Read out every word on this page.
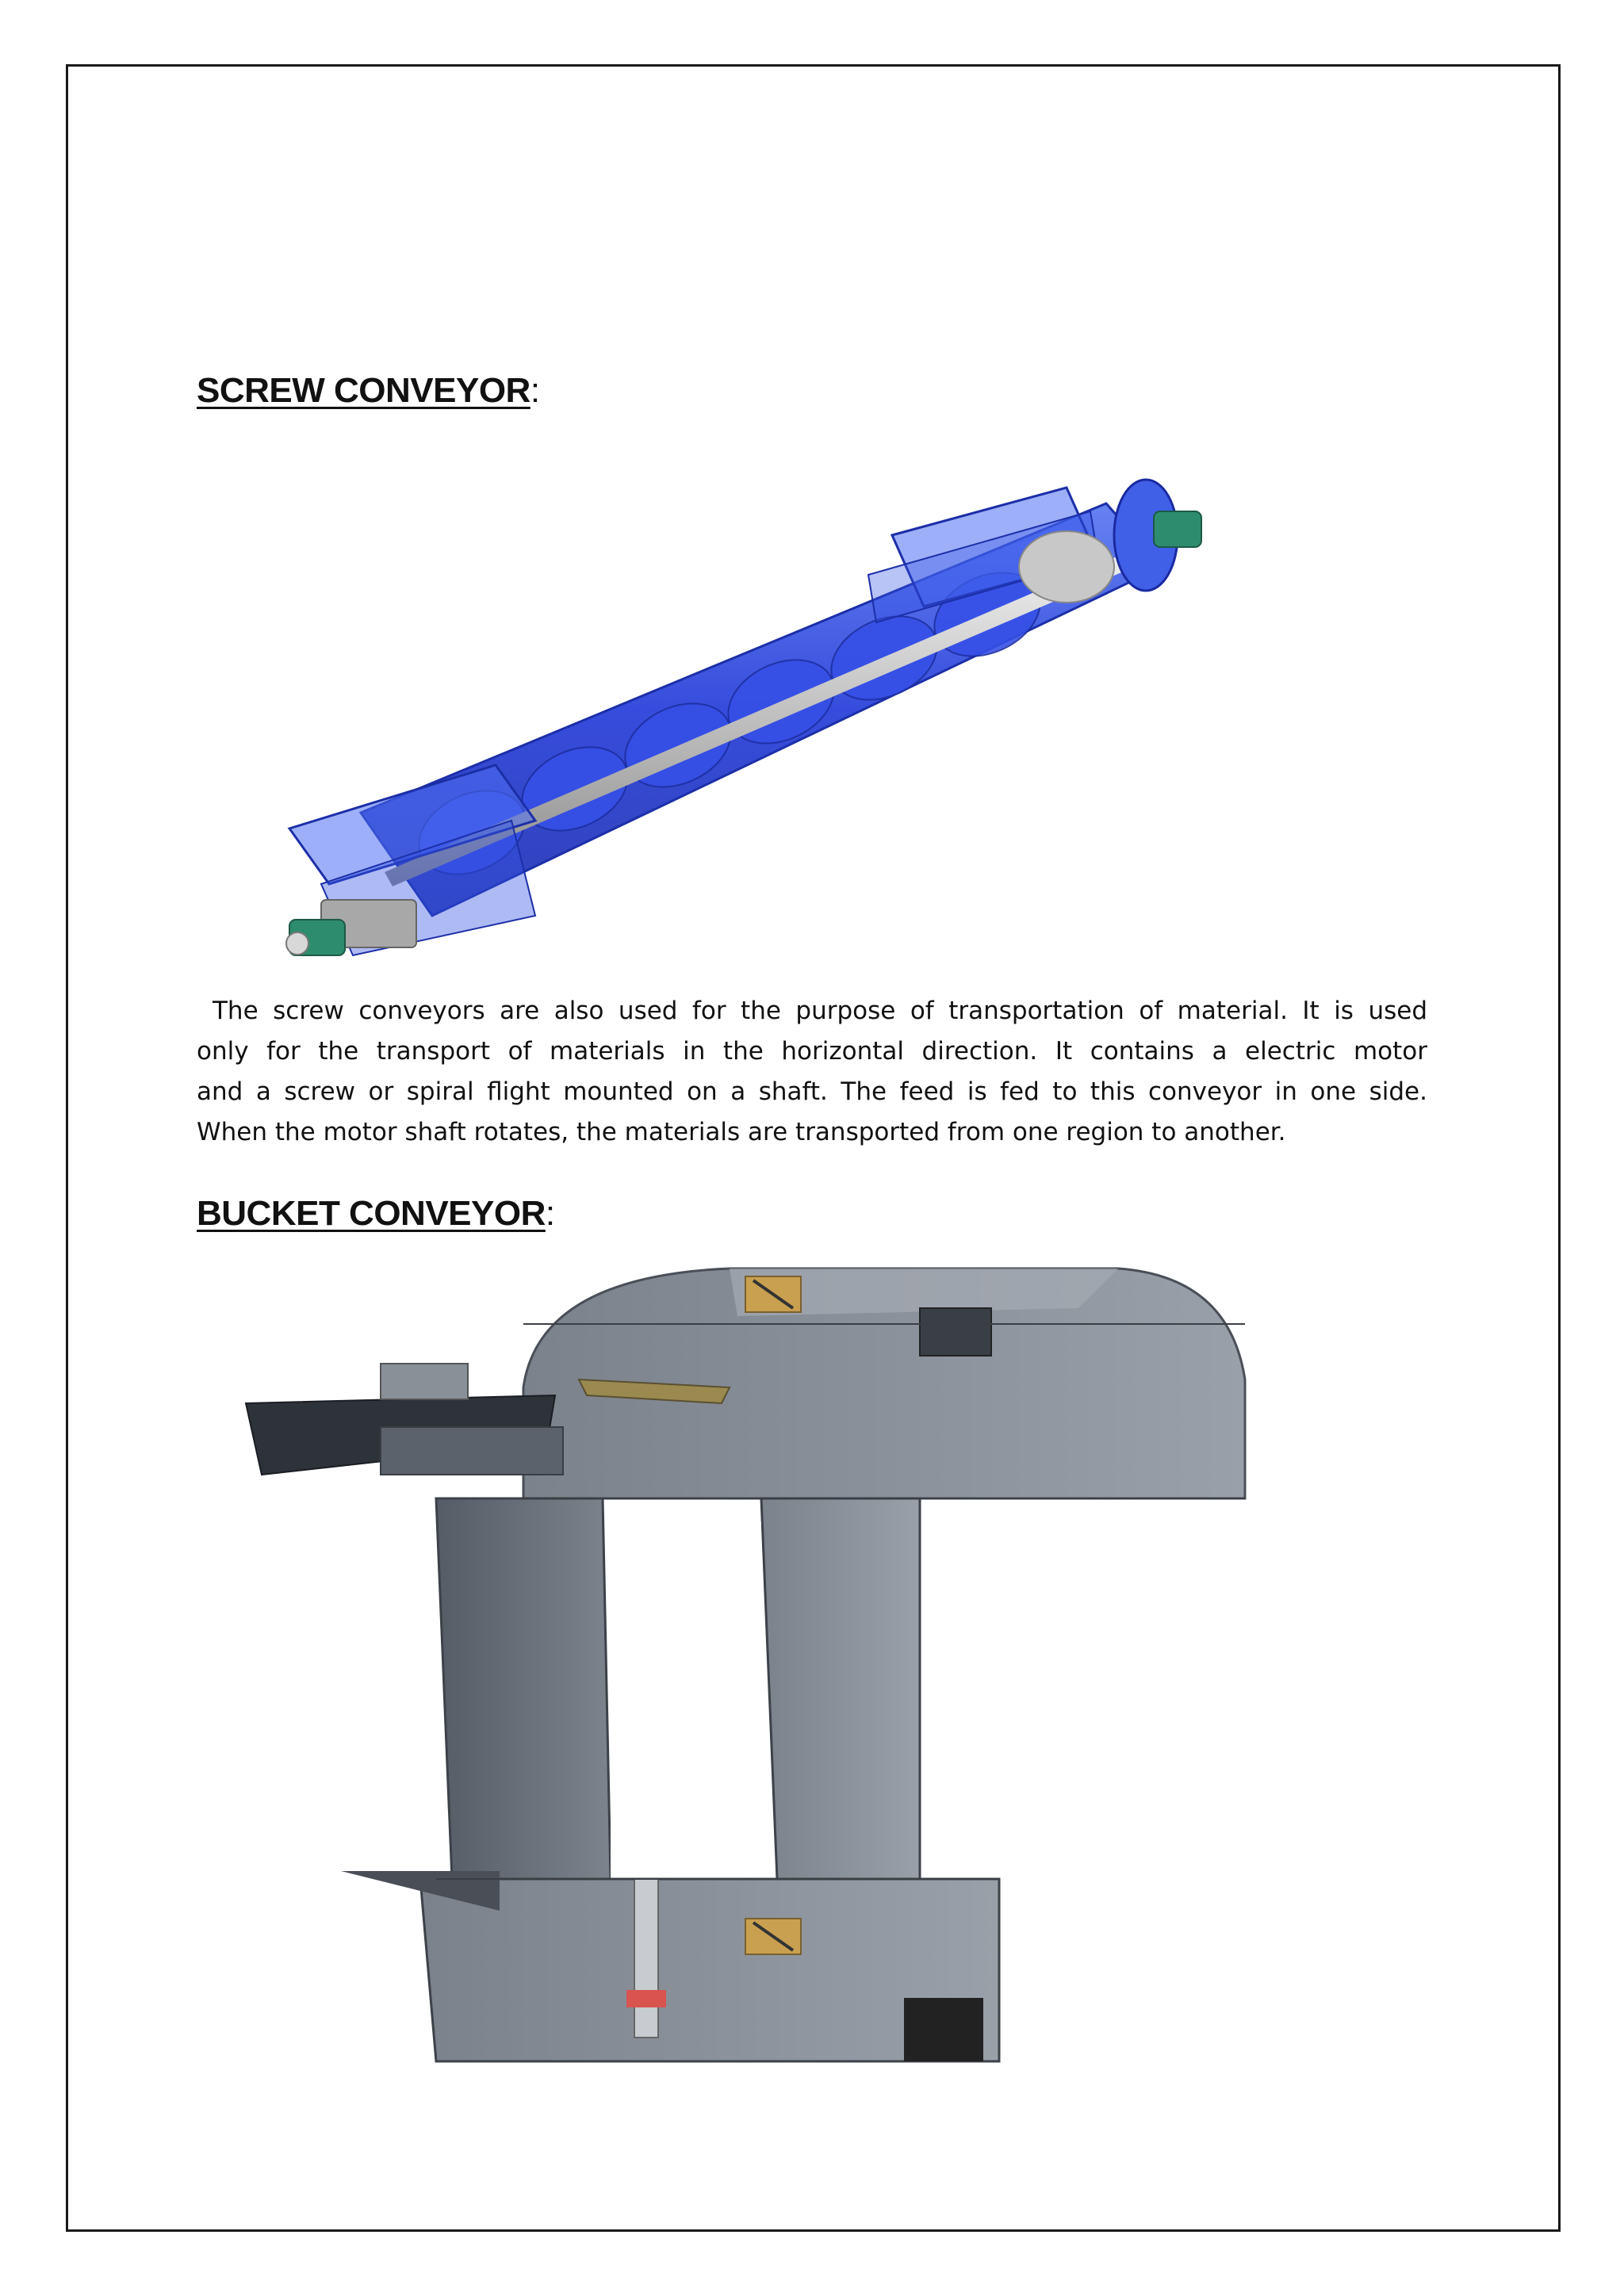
SCREW CONVEYOR:

The screw conveyors are also used for the purpose of transportation of material. It is used
only for the transport of materials in the horizontal direction. It contains a electric motor
and a screw or spiral flight mounted on a shaft. The feed is fed to this conveyor in one side.
When the motor shaft rotates, the materials are transported from one region to another.

BUCKET CONVEYOR:
